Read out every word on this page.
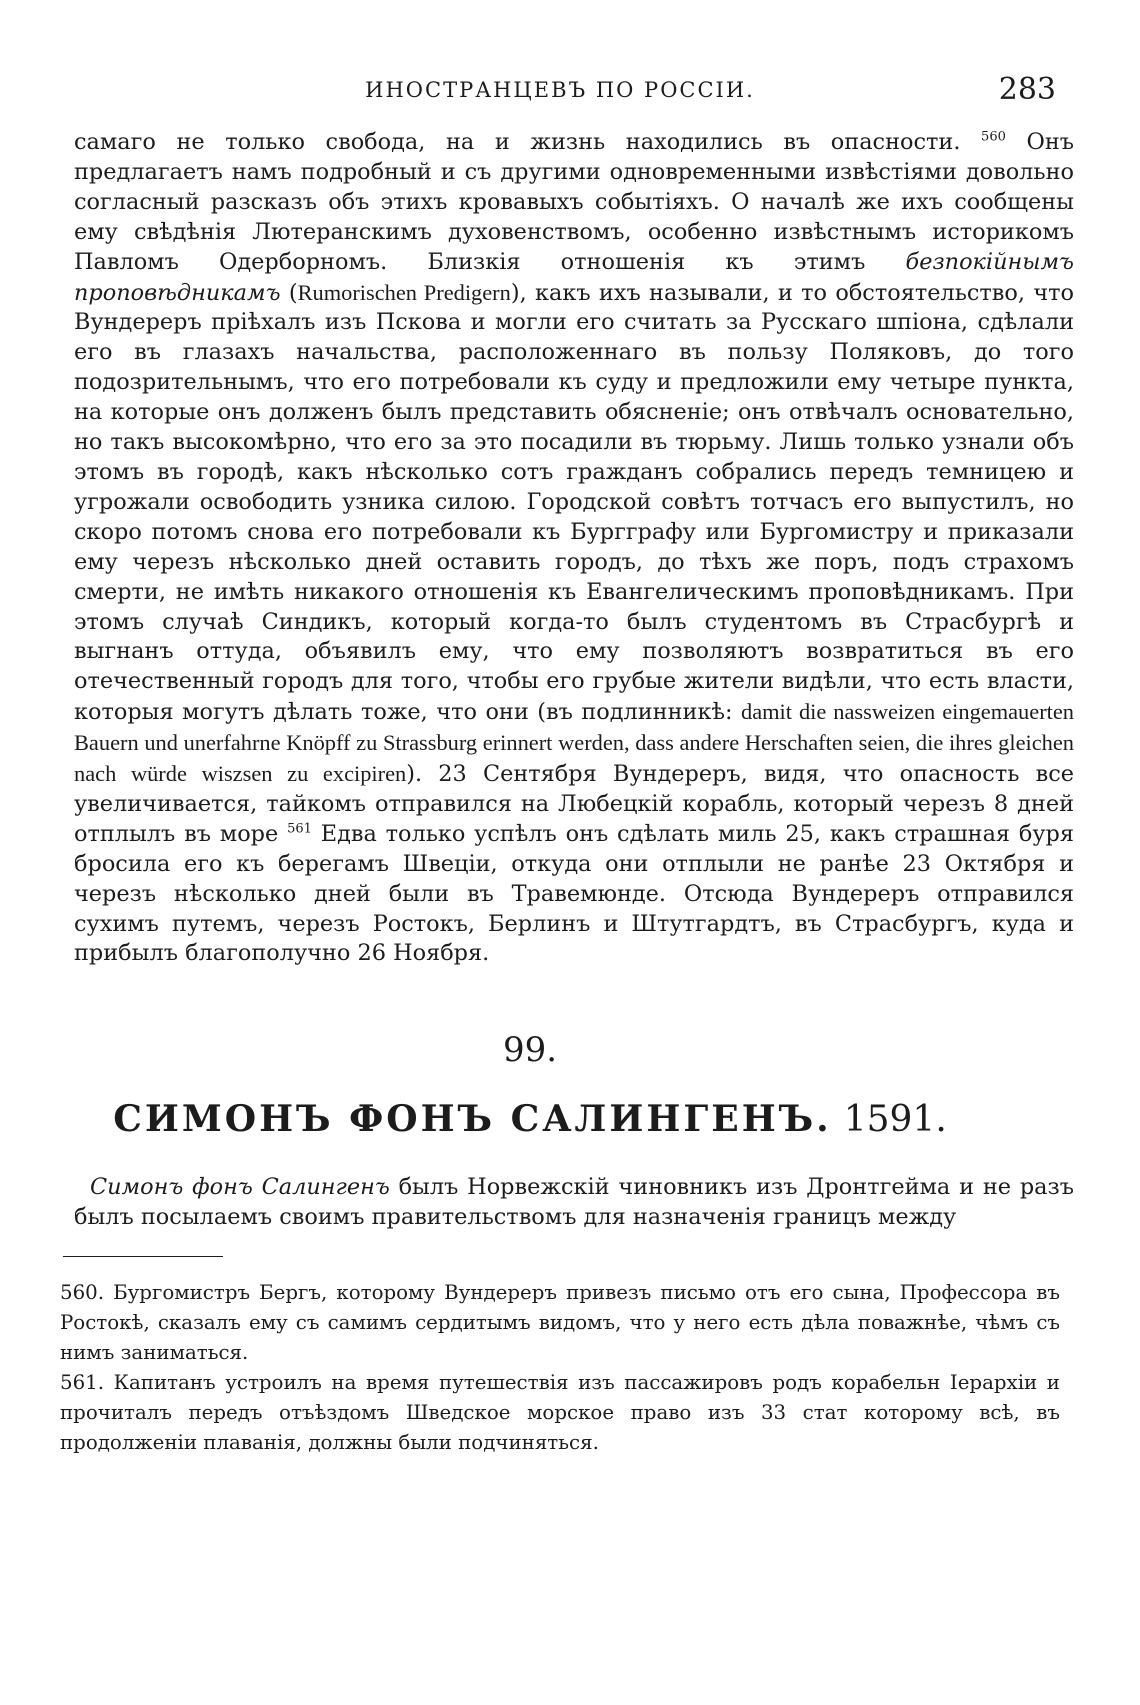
ИНОСТРАНЦЕВЪ ПО РОССІИ.	283

самаго не только свобода, на и жизнь находились въ опасности. $^{560}$ Онъ предлагаетъ намъ подробный и съ другими одновременными извѣстіями довольно согласный разсказъ объ этихъ кровавыхъ событіяхъ. О началѣ же ихъ сообщены ему свѣдѣнія Лютеранскимъ духовенствомъ, особенно извѣстнымъ историкомъ Павломъ Одерборномъ. Близкія отношенія къ этимъ безпокійнымъ проповѣдникамъ (Rumorischen Predigern), какъ ихъ называли, и то обстоятельство, что Вундереръ пріѣхалъ изъ Пскова и могли его считать за Русскаго шпіона, сдѣлали его въ глазахъ начальства, расположеннаго въ пользу Поляковъ, до того подозрительнымъ, что его потребовали къ суду и предложили ему четыре пункта, на которые онъ долженъ былъ представить обясненіе; онъ отвѣчалъ основательно, но такъ высокомѣрно, что его за это посадили въ тюрьму. Лишь только узнали объ этомъ въ городѣ, какъ нѣсколько сотъ гражданъ собрались передъ темницею и угрожали освободить узника силою. Городской совѣтъ тотчасъ его выпустилъ, но скоро потомъ снова его потребовали къ Бургграфу или Бургомистру и приказали ему черезъ нѣсколько дней оставить городъ, до тѣхъ же поръ, подъ страхомъ смерти, не имѣть никакого отношенія къ Евангелическимъ проповѣдникамъ. При этомъ случаѣ Синдикъ, который когда-то былъ студентомъ въ Страсбургѣ и выгнанъ оттуда, объявилъ ему, что ему позволяютъ возвратиться въ его отечественный городъ для того, чтобы его грубые жители видѣли, что есть власти, которыя могутъ дѣлать тоже, что они (въ подлинникѣ: damit die nassweizen eingemauerten Bauern und unerfahrne Knöpff zu Strassburg erinnert werden, dass andere Herschaften seien, die ihres gleichen nach würde wiszsen zu excipiren). 23 Сентября Вундереръ, видя, что опасность все увеличивается, тайкомъ отправился на Любецкій корабль, который черезъ 8 дней отплылъ въ море $^{561}$ Едва только успѣлъ онъ сдѣлать миль 25, какъ страшная буря бросила его къ берегамъ Швеціи, откуда они отплыли не ранѣе 23 Октября и черезъ нѣсколько дней были въ Травемюнде. Отсюда Вундереръ отправился сухимъ путемъ, черезъ Ростокъ, Берлинъ и Штутгардтъ, въ Страсбургъ, куда и прибылъ благополучно 26 Ноября.

99.
СИМОНЪ ФОНЪ САЛИНГЕНЪ. 1591.

Симонъ фонъ Салингенъ былъ Норвежскій чиновникъ изъ Дронтгейма и не разъ былъ посылаемъ своимъ правительствомъ для назначенія границъ между

560. Бургомистръ Бергъ, которому Вундереръ привезъ письмо отъ его сына, Профессора въ Ростокѣ, сказалъ ему съ самимъ сердитымъ видомъ, что у него есть дѣла поважнѣе, чѣмъ съ нимъ заниматься.

561. Капитанъ устроилъ на время путешествія изъ пассажировъ родъ корабельн Іерархіи и прочиталъ передъ отъѣздомъ Шведское морское право изъ 33 стат которому всѣ, въ продолженіи плаванія, должны были подчиняться.
